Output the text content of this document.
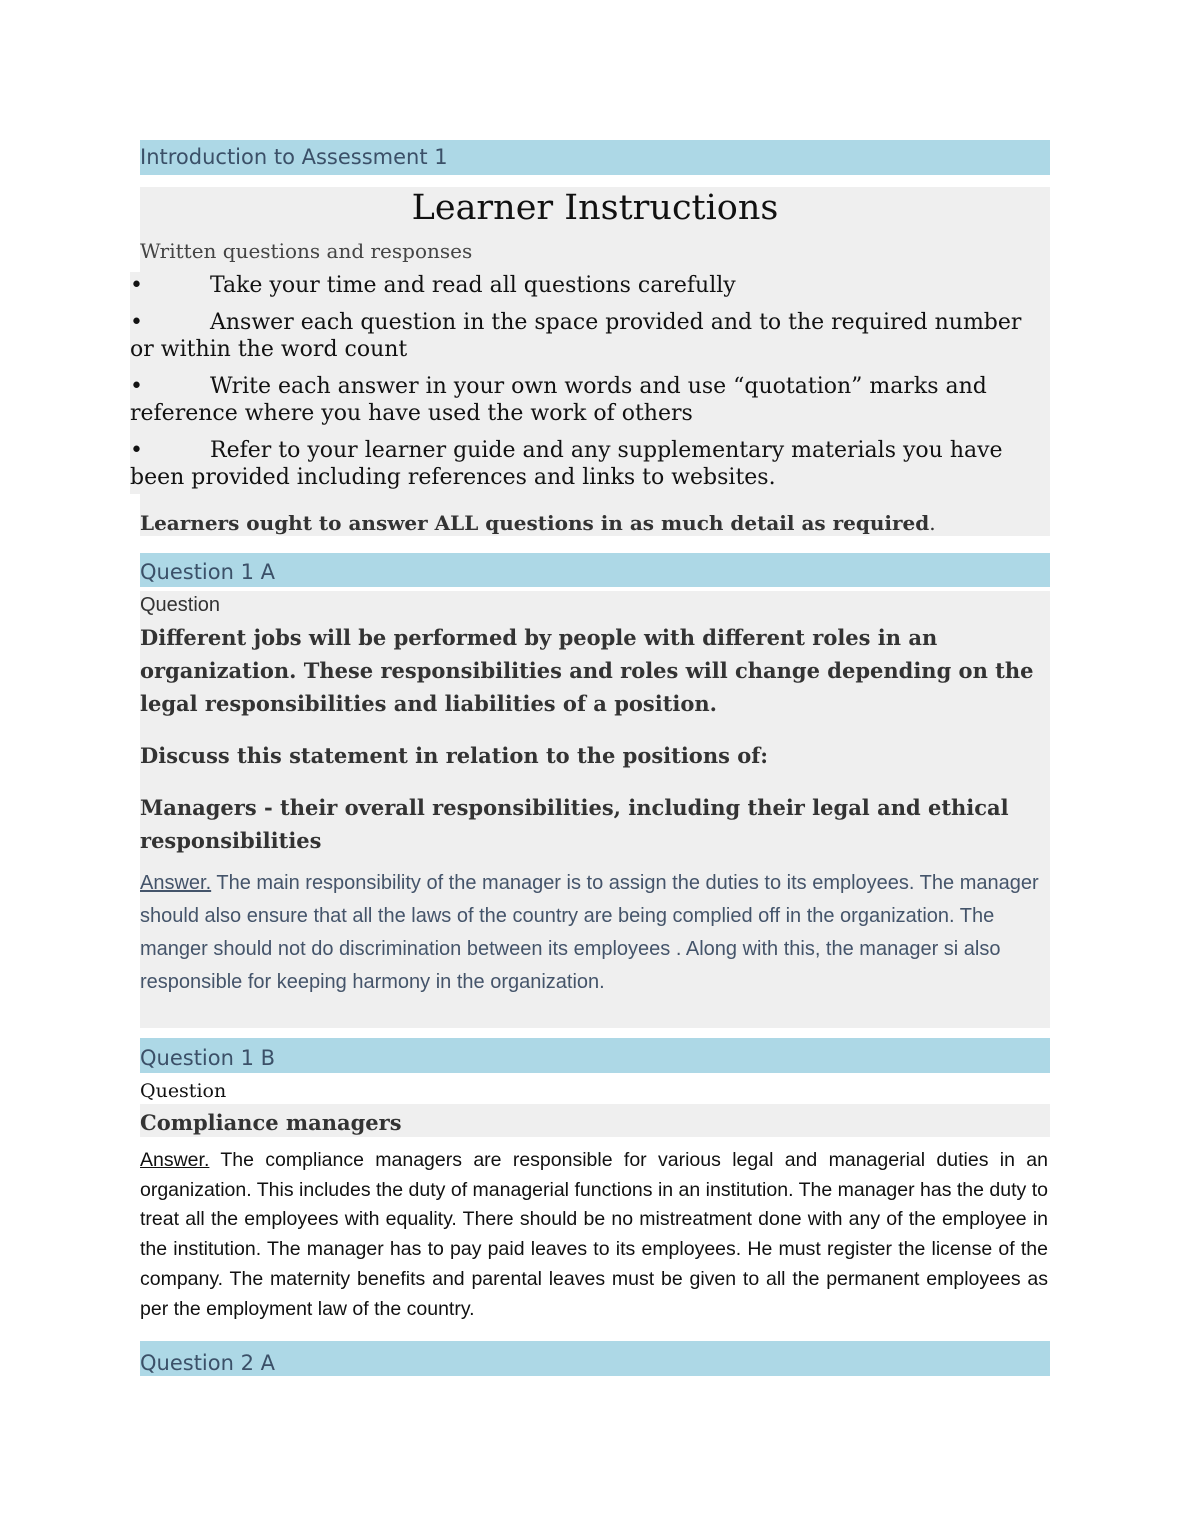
Introduction to Assessment 1
Learner Instructions
Written questions and responses
•	Take your time and read all questions carefully
•	Answer each question in the space provided and to the required number or within the word count
•	Write each answer in your own words and use “quotation” marks and reference where you have used the work of others
•	Refer to your learner guide and any supplementary materials you have been provided including references and links to websites.
Learners ought to answer ALL questions in as much detail as required.
Question 1 A
Question

Different jobs will be performed by people with different roles in an organization. These responsibilities and roles will change depending on the legal responsibilities and liabilities of a position.

Discuss this statement in relation to the positions of:

Managers - their overall responsibilities, including their legal and ethical responsibilities

Answer. The main responsibility of the manager is to assign the duties to its employees. The manager should also ensure that all the laws of the country are being complied off in the organization. The manger should not do discrimination between its employees . Along with this, the manager si also responsible for keeping harmony in the organization.
Question 1 B
Question
Compliance managers
Answer. The compliance managers are responsible for various legal and managerial duties in an organization. This includes the duty of managerial functions in an institution. The manager has the duty to treat all the employees with equality. There should be no mistreatment done with any of the employee in the institution. The manager has to pay paid leaves to its employees. He must register the license of the company. The maternity benefits and parental leaves must be given to all the permanent employees as per the employment law of the country.
Question 2 A
